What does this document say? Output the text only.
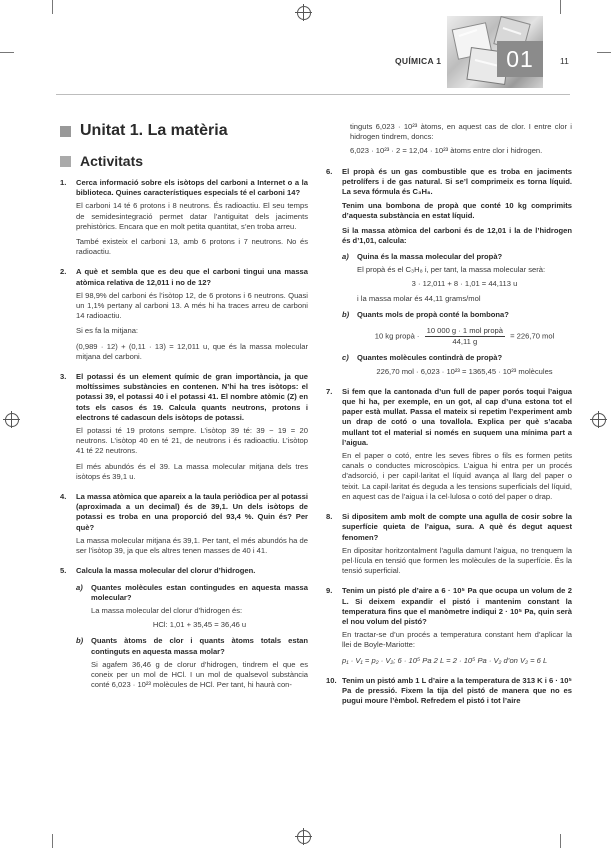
QUÍMICA 1	01	11
Unitat 1. La matèria
Activitats
1.	Cerca informació sobre els isòtops del carboni a Internet o a la biblioteca. Quines característiques especials té el carboni 14?

El carboni 14 té 6 protons i 8 neutrons. És radioactiu. El seu temps de semidesintegració permet datar l’antiguitat dels jaciments prehistòrics. Encara que en molt petita quantitat, s’en troba arreu.

També existeix el carboni 13, amb 6 protons i 7 neutrons. No és radioactiu.

2.	A què et sembla que es deu que el carboni tingui una massa atòmica relativa de 12,011 i no de 12?

El 98,9% del carboni és l’isòtop 12, de 6 protons i 6 neutrons. Quasi un 1,1% pertany al carboni 13. A més hi ha traces arreu de carboni 14 radioactiu.

Si es fa la mitjana:

(0,989 · 12) + (0,11 · 13) = 12,011 u, que és la massa molecular mitjana del carboni.

3.	El potassi és un element químic de gran importància, ja que moltíssimes substàncies en contenen. N’hi ha tres isòtops: el potassi 39, el potassi 40 i el potassi 41. El nombre atòmic (Z) en tots els casos és 19. Calcula quants neutrons, protons i electrons té cadascun dels isòtops de potassi.

El potassi té 19 protons sempre. L’isòtop 39 té: 39 − 19 = 20 neutrons. L’isòtop 40 en té 21, de neutrons i és radioactiu. L’isòtop 41 té 22 neutrons.

El més abundós és el 39. La massa molecular mitjana dels tres isòtops és 39,1 u.

4.	La massa atòmica que apareix a la taula periòdica per al potassi (aproximada a un decimal) és de 39,1. Un dels isòtops de potassi es troba en una proporció del 93,4 %. Quin és? Per què?

La massa molecular mitjana és 39,1. Per tant, el més abundós ha de ser l’isòtop 39, ja que els altres tenen masses de 40 i 41.

5.	Calcula la massa molecular del clorur d’hidrogen.
a)	Quantes molècules estan contingudes en aquesta massa molecular?

La massa molecular del clorur d’hidrogen és:

HCl: 1,01 + 35,45 = 36,46 u

b)	Quants àtoms de clor i quants àtoms totals estan continguts en aquesta massa molar?

Si agafem 36,46 g de clorur d’hidrogen, tindrem el que es coneix per un mol de HCl. I un mol de qualsevol substància conté 6,023 · 10²³ molècules de HCl. Per tant, hi haurà con-

tinguts 6,023 · 10²³ àtoms, en aquest cas de clor. I entre clor i hidrogen tindrem, doncs:

6,023 · 10²³ · 2 = 12,04 · 10²³ àtoms entre clor i hidrogen.

6.	El propà és un gas combustible que es troba en jaciments petrolífers i de gas natural. Si se’l comprimeix es torna líquid. La seva fórmula és C₃H₈.
Tenim una bombona de propà que conté 10 kg comprimits d’aquesta substància en estat líquid.
Si la massa atòmica del carboni és de 12,01 i la de l’hidrogen és d’1,01, calcula:
a)	Quina és la massa molecular del propà?

El propà és el C₃H₈ i, per tant, la massa molecular serà:

3 · 12,011 + 8 · 1,01 = 44,113 u

i la massa molar és 44,11 grams/mol

b)	Quants mols de propà conté la bombona?
10 kg propà · $\frac{\text{10 000 g · 1 mol propà}}{44,11 g} = 226,70$ mol
c)	Quantes molècules contindrà de propà?

226,70 mol · 6,023 · 10²³ = 1365,45 · 10²³ molècules

7.	Si fem que la cantonada d’un full de paper porós toqui l’aigua que hi ha, per exemple, en un got, al cap d’una estona tot el paper està mullat. Passa el mateix si repetim l’experiment amb un drap de cotó o una tovallola. Explica per què s’acaba mullant tot el material si només en suquem una mínima part a l’aigua.

En el paper o cotó, entre les seves fibres o fils es formen petits canals o conductes microscòpics. L’aigua hi entra per un procés d’adsorció, i per capil·laritat el líquid avança al llarg del paper o teixit. La capil·laritat és deguda a les tensions superficials del líquid, en aquest cas de l’aigua i la cel·lulosa o cotó del paper o drap.

8.	Si dipositem amb molt de compte una agulla de cosir sobre la superfície quieta de l’aigua, sura. A què és degut aquest fenomen?

En dipositar horitzontalment l’agulla damunt l’aigua, no trenquem la pel·lícula en tensió que formen les molècules de la superfície. És la tensió superficial.

9.	Tenim un pistó ple d’aire a 6 · 10⁵ Pa que ocupa un volum de 2 L. Si deixem expandir el pistó i mantenim constant la temperatura fins que el manòmetre indiqui 2 · 10⁵ Pa, quin serà el nou volum del pistó?

En tractar-se d’un procés a temperatura constant hem d’aplicar la llei de Boyle-Mariotte:

p₁ · V₁ = p₂ · V₂; 6 · 10⁵ Pa 2 L = 2 · 10⁵ Pa · V₂ d’on V₂ = 6 L

10. Tenim un pistó amb 1 L d’aire a la temperatura de 313 K i 6 · 10⁵ Pa de pressió. Fixem la tija del pistó de manera que no es pugui moure l’èmbol. Refredem el pistó i tot l’aire
